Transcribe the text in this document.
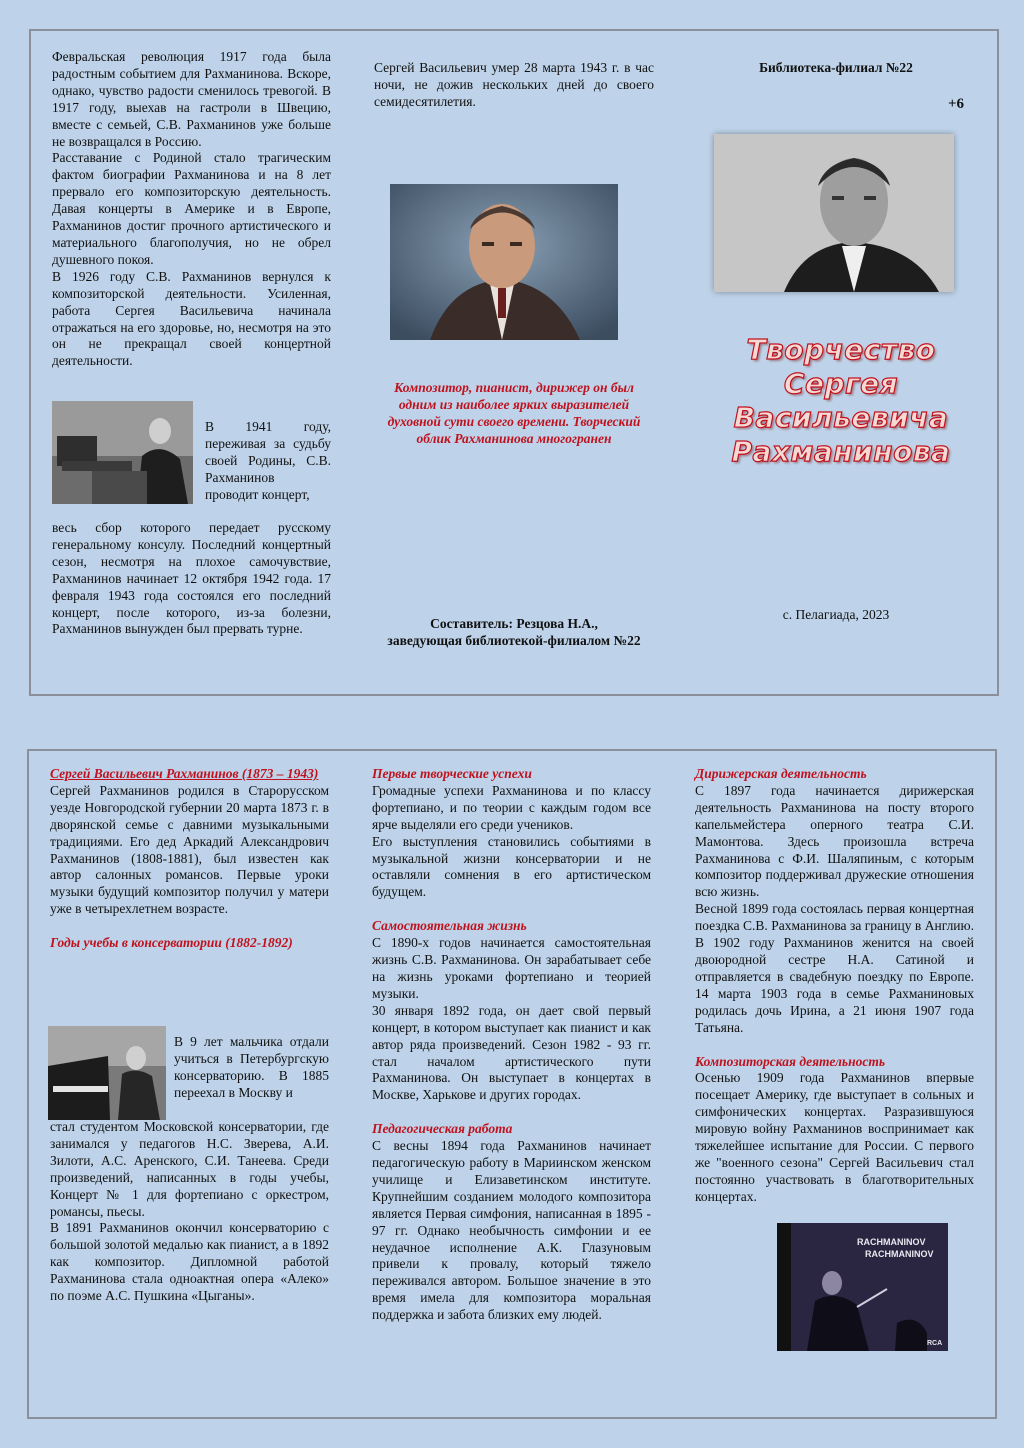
Февральская революция 1917 года была радостным событием для Рахманинова. Вскоре, однако, чувство радости сменилось тревогой. В 1917 году, выехав на гастроли в Швецию, вместе с семьей, С.В. Рахманинов уже больше не возвращался в Россию.

Расставание с Родиной стало трагическим фактом биографии Рахманинова и на 8 лет прервало его композиторскую деятельность. Давая концерты в Америке и в Европе, Рахманинов достиг прочного артистического и материального благополучия, но не обрел душевного покоя.

В 1926 году С.В. Рахманинов вернулся к композиторской деятельности. Усиленная, работа Сергея Васильевича начинала отражаться на его здоровье, но, несмотря на это он не прекращал своей концертной деятельности.

В 1941 году, переживая за судьбу своей Родины, С.В. Рахманинов проводит концерт,

весь сбор которого передает русскому генеральному консулу. Последний концертный сезон, несмотря на плохое самочувствие, Рахманинов начинает 12 октября 1942 года. 17 февраля 1943 года состоялся его последний концерт, после которого, из-за болезни, Рахманинов вынужден был прервать турне.

Сергей Васильевич умер 28 марта 1943 г. в час ночи, не дожив нескольких дней до своего семидесятилетия.

Композитор, пианист, дирижер он был одним из наиболее ярких выразителей духовной сути своего времени. Творческий облик Рахманинова многогранен

Составитель: Резцова Н.А.,

заведующая библиотекой-филиалом №22

Библиотека-филиал №22

+6

Творчество
Сергея
Васильевича
Рахманинова

с. Пелагиада, 2023

Сергей Васильевич Рахманинов (1873 – 1943)

Сергей Рахманинов родился в Старорусском уезде Новгородской губернии 20 марта 1873 г. в дворянской семье с давними музыкальными традициями. Его дед Аркадий Александрович Рахманинов (1808-1881), был известен как автор салонных романсов. Первые уроки музыки будущий композитор получил у матери уже в четырехлетнем возрасте.

Годы учебы в консерватории (1882-1892)

В 9 лет мальчика отдали учиться в Петербургскую консерваторию. В 1885 переехал в Москву и

стал студентом Московской консерватории, где занимался у педагогов Н.С. Зверева, А.И. Зилоти, А.С. Аренского, С.И. Танеева. Среди произведений, написанных в годы учебы, Концерт № 1 для фортепиано с оркестром, романсы, пьесы.

В 1891 Рахманинов окончил консерваторию с большой золотой медалью как пианист, а в 1892 как композитор. Дипломной работой Рахманинова стала одноактная опера «Алеко» по поэме А.С. Пушкина «Цыганы».

Первые творческие успехи

Громадные успехи Рахманинова и по классу фортепиано, и по теории с каждым годом все ярче выделяли его среди учеников.

Его выступления становились событиями в музыкальной жизни консерватории и не оставляли сомнения в его артистическом будущем.

Самостоятельная жизнь

С 1890-х годов начинается самостоятельная жизнь С.В. Рахманинова. Он зарабатывает себе на жизнь уроками фортепиано и теорией музыки.

30 января 1892 года, он дает свой первый концерт, в котором выступает как пианист и как автор ряда произведений. Сезон 1982 - 93 гг. стал началом артистического пути Рахманинова. Он выступает в концертах в Москве, Харькове и других городах.

Педагогическая работа

С весны 1894 года Рахманинов начинает педагогическую работу в Мариинском женском училище и Елизаветинском институте. Крупнейшим созданием молодого композитора является Первая симфония, написанная в 1895 - 97 гг. Однако необычность симфонии и ее неудачное исполнение А.К. Глазуновым привели к провалу, который тяжело переживался автором. Большое значение в это время имела для композитора моральная поддержка и забота близких ему людей.

Дирижерская деятельность

С 1897 года начинается дирижерская деятельность Рахманинова на посту второго капельмейстера оперного театра С.И. Мамонтова. Здесь произошла встреча Рахманинова с Ф.И. Шаляпиным, с которым композитор поддерживал дружеские отношения всю жизнь.

Весной 1899 года состоялась первая концертная поездка С.В. Рахманинова за границу в Англию. В 1902 году Рахманинов женится на своей двоюродной сестре Н.А. Сатиной и отправляется в свадебную поездку по Европе. 14 марта 1903 года в семье Рахманиновых родилась дочь Ирина, а 21 июня 1907 года Татьяна.

Композиторская деятельность

Осенью 1909 года Рахманинов впервые посещает Америку, где выступает в сольных и симфонических концертах. Разразившуюся мировую войну Рахманинов воспринимает как тяжелейшее испытание для России. С первого же "военного сезона" Сергей Васильевич стал постоянно участвовать в благотворительных концертах.

RACHMANINOV
RACHMANINOV
RCA
